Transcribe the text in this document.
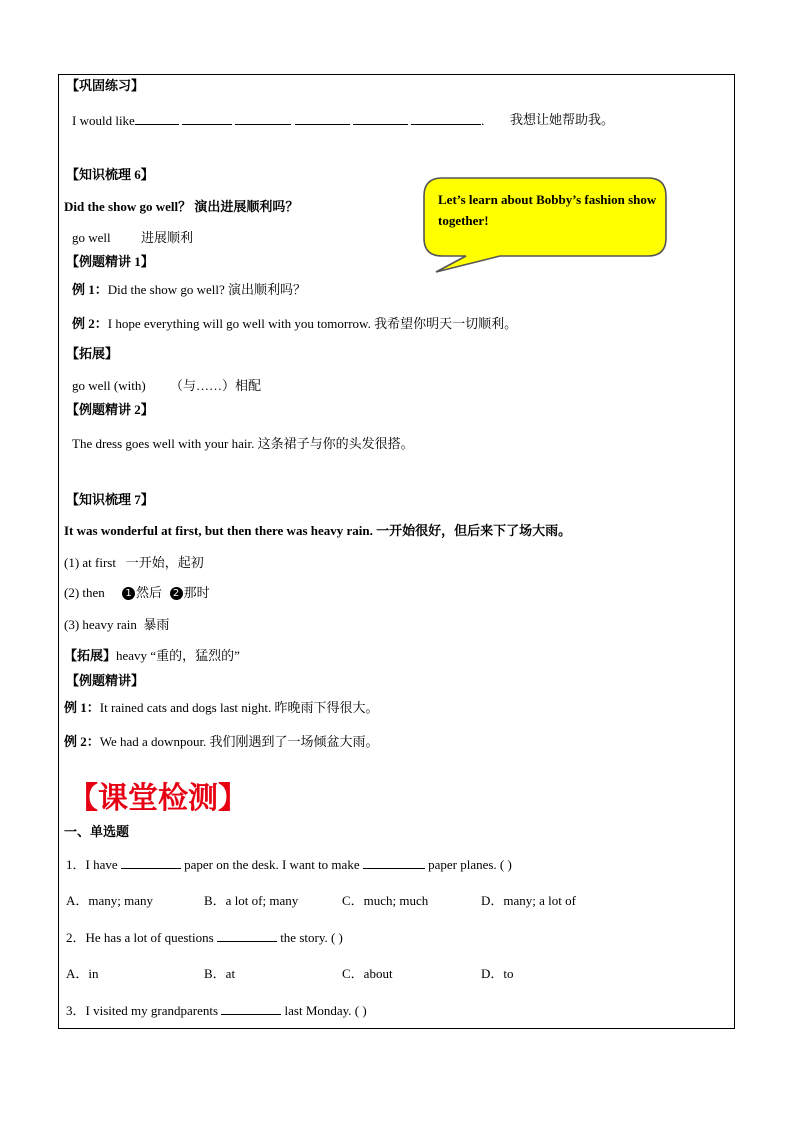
【巩固练习】
I would like	. 我想让她帮助我。
【知识梳理 6】
Did the show go well？ 演出进展顺利吗？
go well 进展顺利
Let’s learn about Bobby’s fashion show together!
【例题精讲 1】
例 1：Did the show go well? 演出顺利吗？
例 2：I hope everything will go well with you tomorrow. 我希望你明天一切顺利。
【拓展】
go well (with) （与……）相配
【例题精讲 2】
The dress goes well with your hair. 这条裙子与你的头发很搭。
【知识梳理 7】
It was wonderful at first, but then there was heavy rain. 一开始很好，但后来下了场大雨。
(1) at first 一开始，起初
(2) then 1 然后 2 那时
(3) heavy rain 暴雨
【拓展】heavy “重的，猛烈的”
【例题精讲】
例 1：It rained cats and dogs last night. 昨晚雨下得很大。
例 2：We had a downpour. 我们刚遇到了一场倾盆大雨。
【课堂检测】
一、单选题
1．I have	paper on the desk. I want to make	paper planes. ( )
A．many; many	B．a lot of; many	C．much; much	D．many; a lot of
2．He has a lot of questions	the story. ( )
A．in	B．at	C．about	D．to
3．I visited my grandparents	last Monday. ( )
